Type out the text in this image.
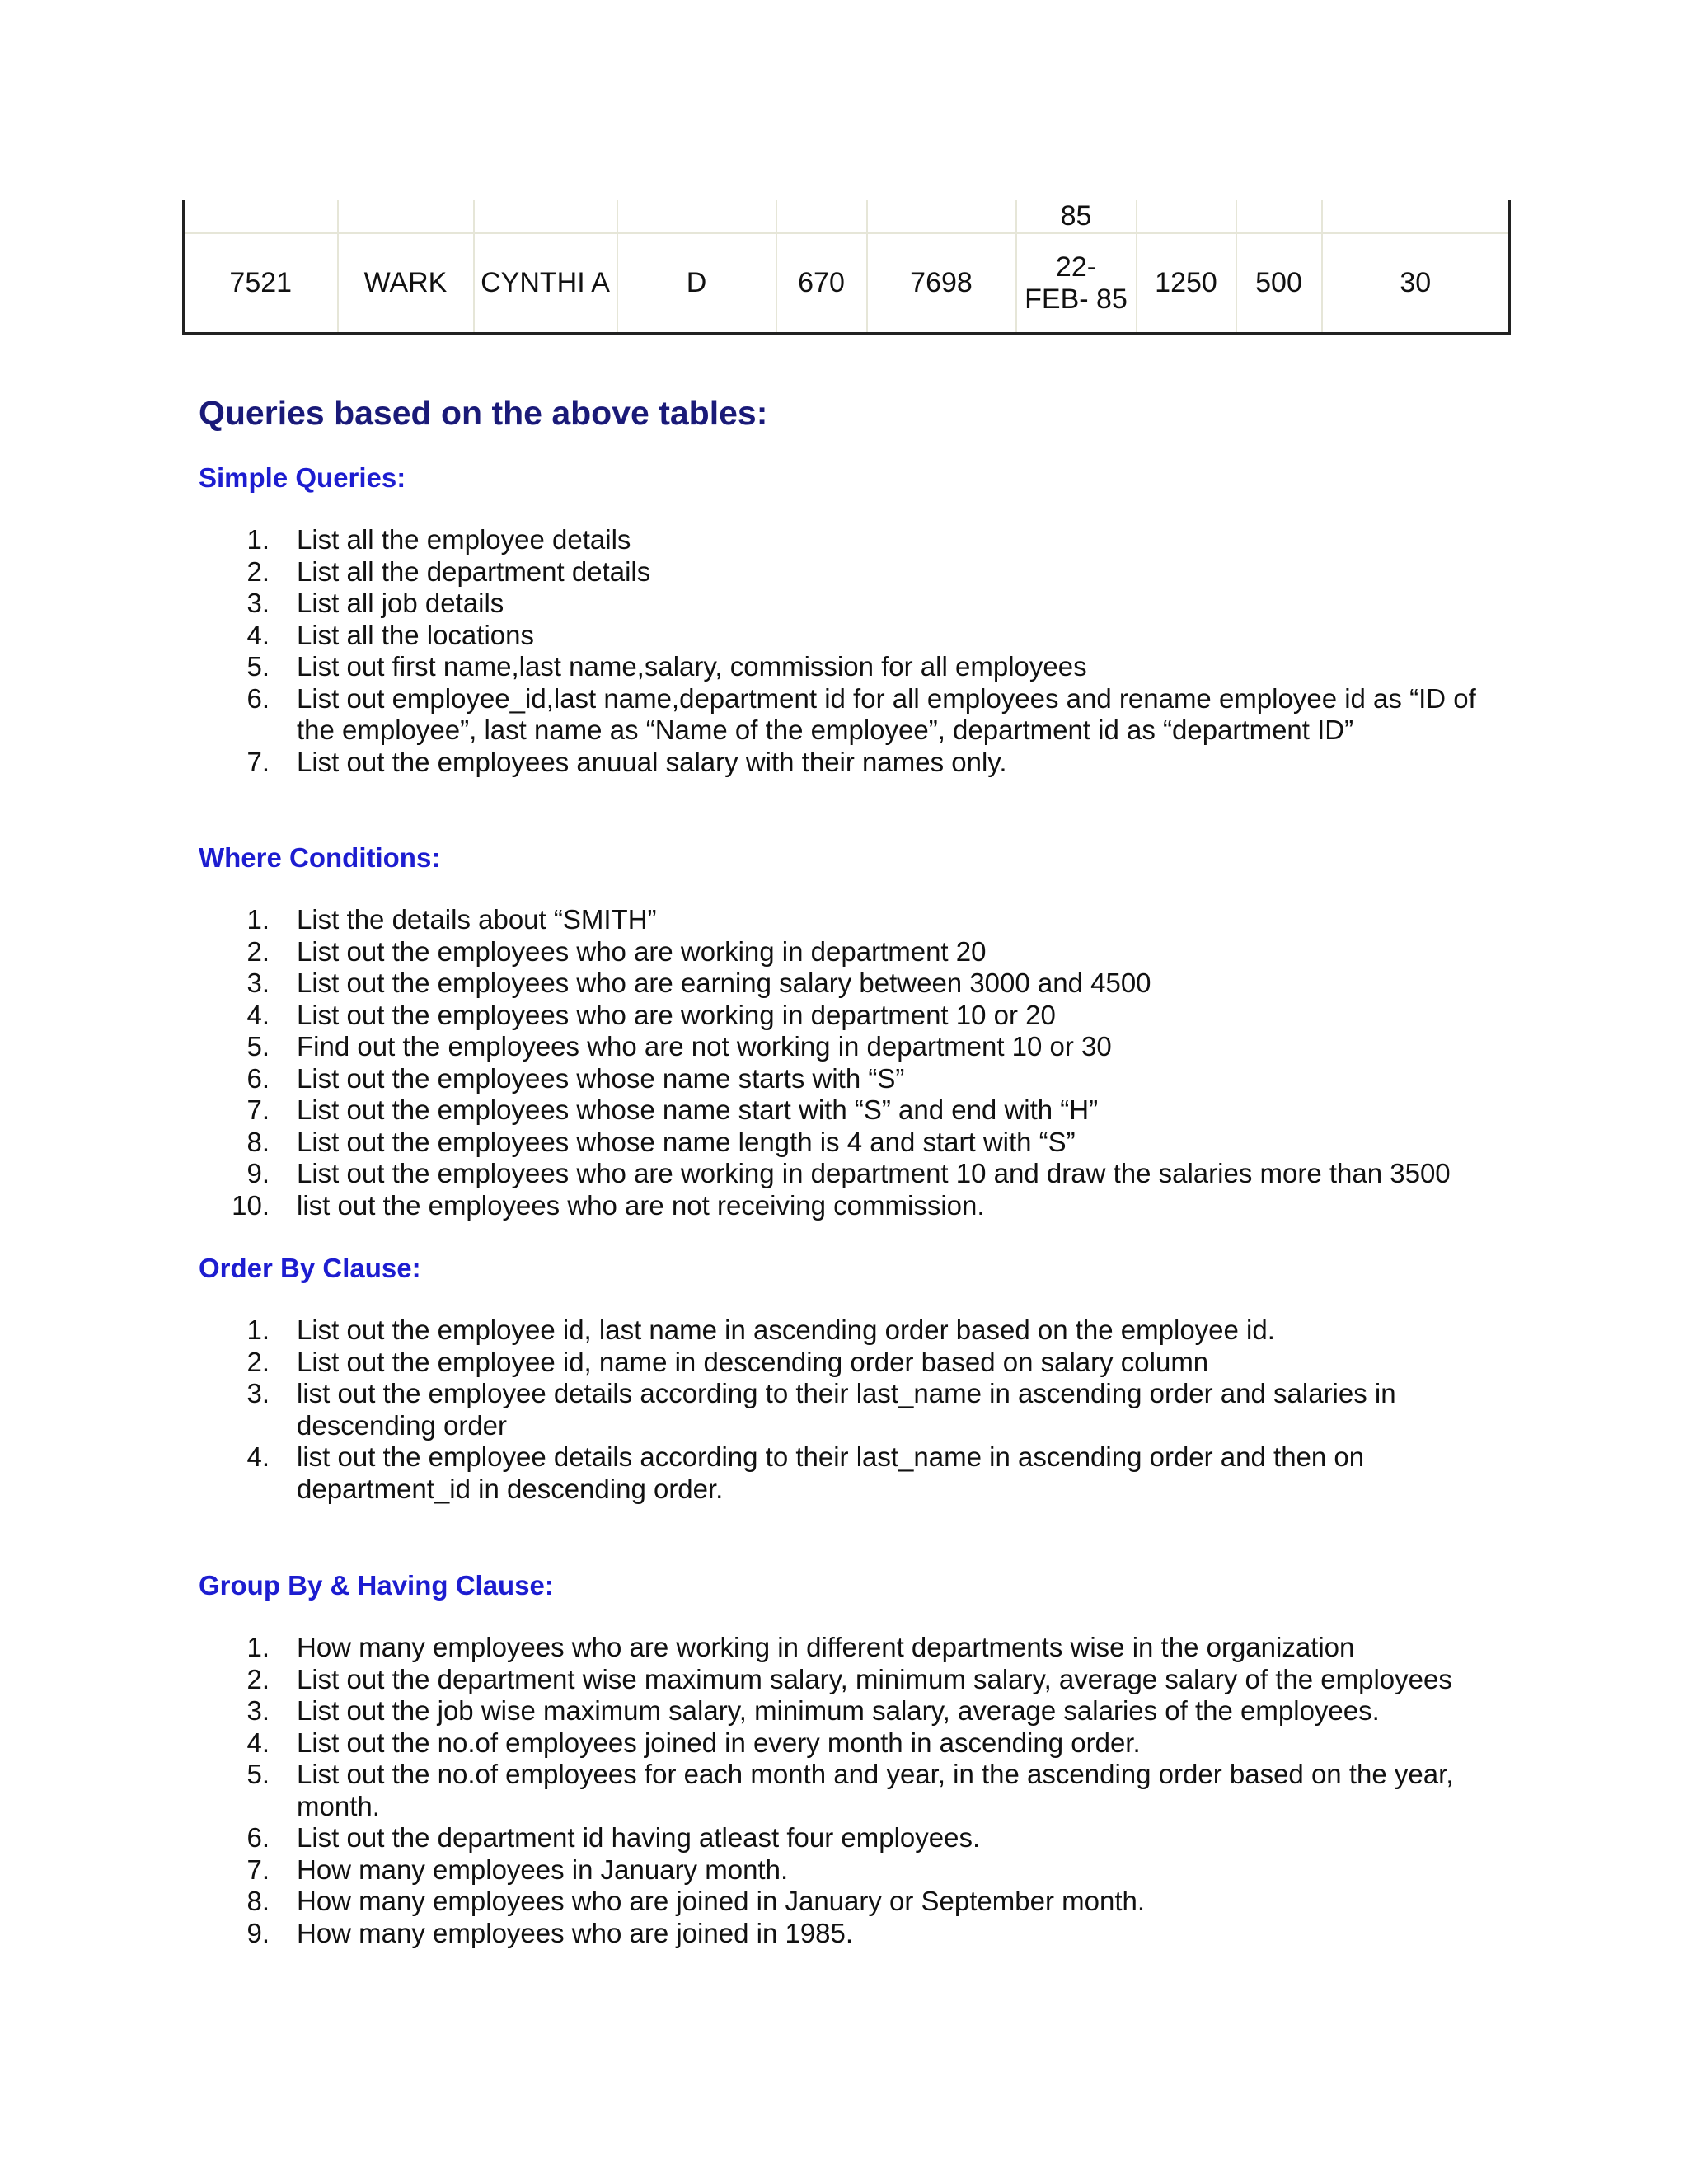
						85			
7521	WARK	CYNTHI A	D	670	7698	22- FEB- 85	1250	500	30
Queries based on the above tables:
Simple Queries:
1. List all the employee details
2. List all the department details
3. List all job details
4. List all the locations
5. List out first name,last name,salary, commission for all employees
6. List out employee_id,last name,department id for all employees and rename employee id as “ID of the employee”, last name as “Name of the employee”, department id as “department ID”
7. List out the employees anuual salary with their names only.
Where Conditions:
1. List the details about “SMITH”
2. List out the employees who are working in department 20
3. List out the employees who are earning salary between 3000 and 4500
4. List out the employees who are working in department 10 or 20
5. Find out the employees who are not working in department 10 or 30
6. List out the employees whose name starts with “S”
7. List out the employees whose name start with “S” and end with “H”
8. List out the employees whose name length is 4 and start with “S”
9. List out the employees who are working in department 10 and draw the salaries more than 3500
10. list out the employees who are not receiving commission.
Order By Clause:
1. List out the employee id, last name in ascending order based on the employee id.
2. List out the employee id, name in descending order based on salary column
3. list out the employee details according to their last_name in ascending order and salaries in descending order
4. list out the employee details according to their last_name in ascending order and then on department_id in descending order.
Group By & Having Clause:
1. How many employees who are working in different departments wise in the organization
2. List out the department wise maximum salary, minimum salary, average salary of the employees
3. List out the job wise maximum salary, minimum salary, average salaries of the employees.
4. List out the no.of employees joined in every month in ascending order.
5. List out the no.of employees for each month and year, in the ascending order based on the year, month.
6. List out the department id having atleast four employees.
7. How many employees in January month.
8. How many employees who are joined in January or September month.
9. How many employees who are joined in 1985.
